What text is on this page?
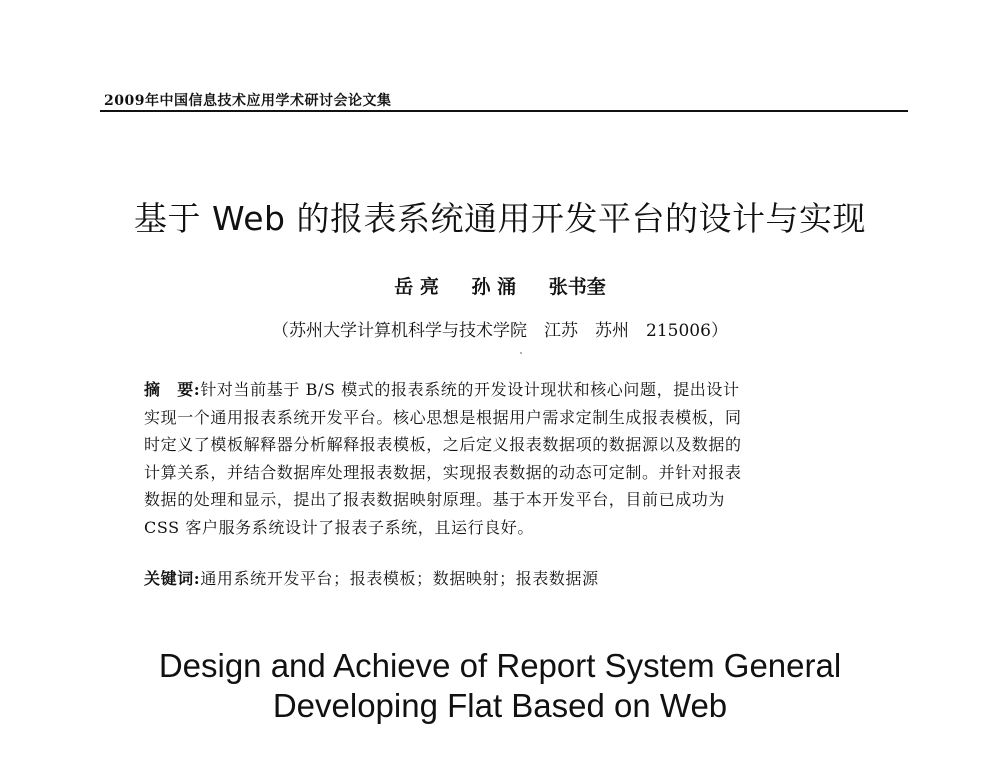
2009年中国信息技术应用学术研讨会论文集
基于 Web 的报表系统通用开发平台的设计与实现
岳 亮 孙 涌 张书奎
（苏州大学计算机科学与技术学院　江苏　苏州　215006）
摘　要:针对当前基于 B/S 模式的报表系统的开发设计现状和核心问题，提出设计
实现一个通用报表系统开发平台。核心思想是根据用户需求定制生成报表模板，同
时定义了模板解释器分析解释报表模板，之后定义报表数据项的数据源以及数据的
计算关系，并结合数据库处理报表数据，实现报表数据的动态可定制。并针对报表
数据的处理和显示，提出了报表数据映射原理。基于本开发平台，目前已成功为
CSS 客户服务系统设计了报表子系统，且运行良好。
关键词:通用系统开发平台；报表模板；数据映射；报表数据源
Design and Achieve of Report System General
Developing Flat Based on Web
